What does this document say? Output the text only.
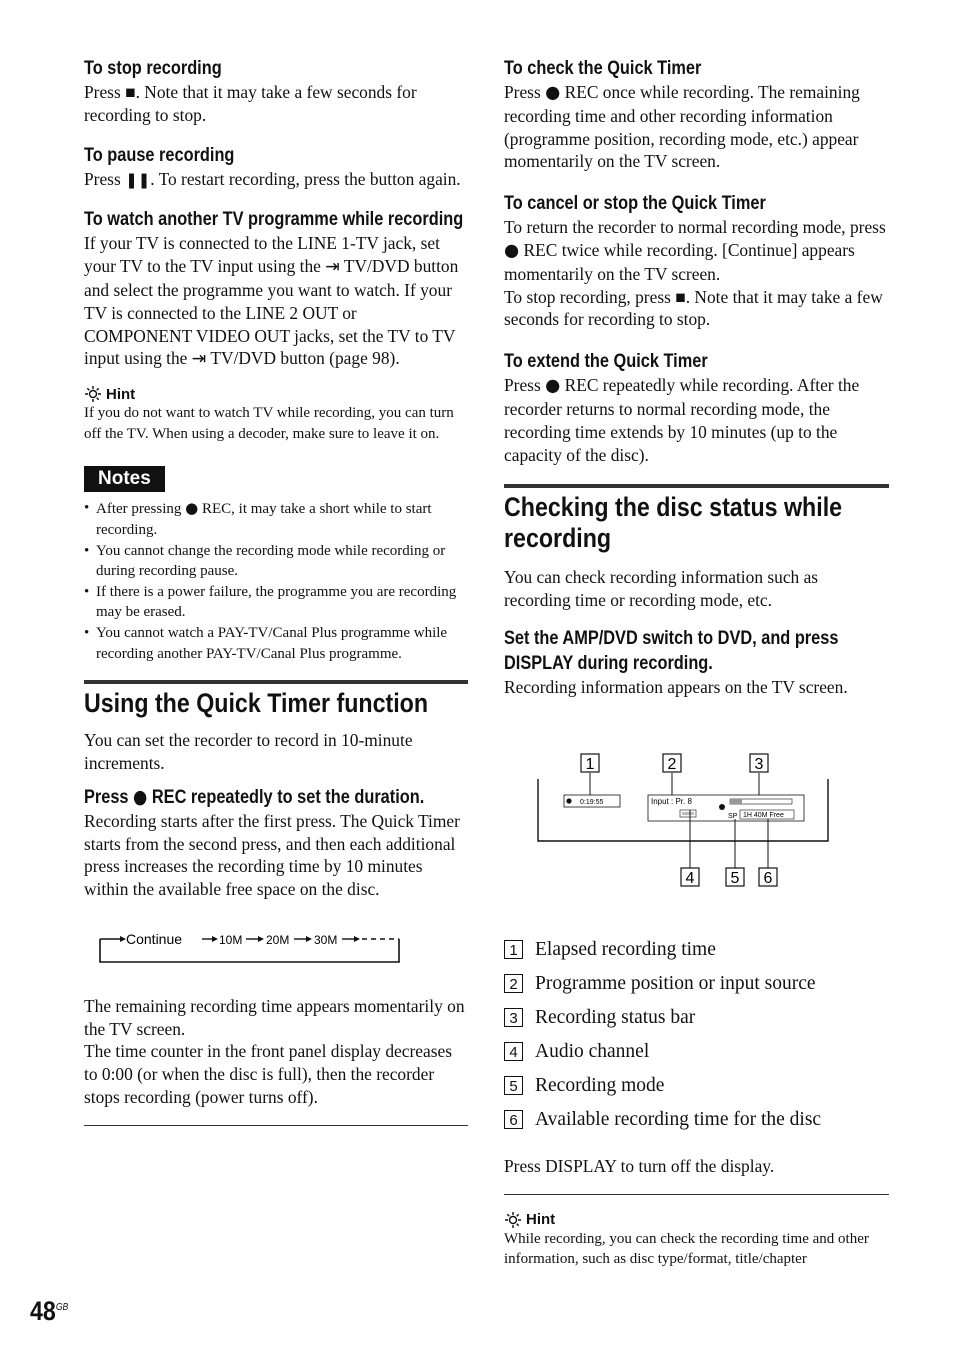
To stop recording

Press ■. Note that it may take a few seconds for recording to stop.

To pause recording

Press ❚❚. To restart recording, press the button again.

To watch another TV programme while recording

If your TV is connected to the LINE 1-TV jack, set your TV to the TV input using the ⇥ TV/DVD button and select the programme you want to watch. If your TV is connected to the LINE 2 OUT or COMPONENT VIDEO OUT jacks, set the TV to TV input using the ⇥ TV/DVD button (page 98).

Hint

If you do not want to watch TV while recording, you can turn off the TV. When using a decoder, make sure to leave it on.

Notes
• After pressing ● REC, it may take a short while to start recording.
• You cannot change the recording mode while recording or during recording pause.
• If there is a power failure, the programme you are recording may be erased.
• You cannot watch a PAY-TV/Canal Plus programme while recording another PAY-TV/Canal Plus programme.
Using the Quick Timer function

You can set the recorder to record in 10-minute increments.

Press ● REC repeatedly to set the duration.

Recording starts after the first press. The Quick Timer starts from the second press, and then each additional press increases the recording time by 10 minutes within the available free space on the disc.

Continue	10M 20M 30M

The remaining recording time appears momentarily on the TV screen.

The time counter in the front panel display decreases to 0:00 (or when the disc is full), then the recorder stops recording (power turns off).

To check the Quick Timer

Press ● REC once while recording. The remaining recording time and other recording information (programme position, recording mode, etc.) appear momentarily on the TV screen.

To cancel or stop the Quick Timer

To return the recorder to normal recording mode, press ● REC twice while recording. [Continue] appears momentarily on the TV screen.

To stop recording, press ■. Note that it may take a few seconds for recording to stop.

To extend the Quick Timer

Press ● REC repeatedly while recording. After the recorder returns to normal recording mode, the recording time extends by 10 minutes (up to the capacity of the disc).

Checking the disc status while recording

You can check recording information such as recording time or recording mode, etc.

Set the AMP/DVD switch to DVD, and press DISPLAY during recording.

Recording information appears on the TV screen.

1	2	3
4 5 6
0:19:55	Input : Pr. 8
SP 1H 40M Free
1 Elapsed recording time
2 Programme position or input source
3 Recording status bar
4 Audio channel
5 Recording mode
6 Available recording time for the disc

Press DISPLAY to turn off the display.

Hint

While recording, you can check the recording time and other information, such as disc type/format, title/chapter

$48^{GB}$
